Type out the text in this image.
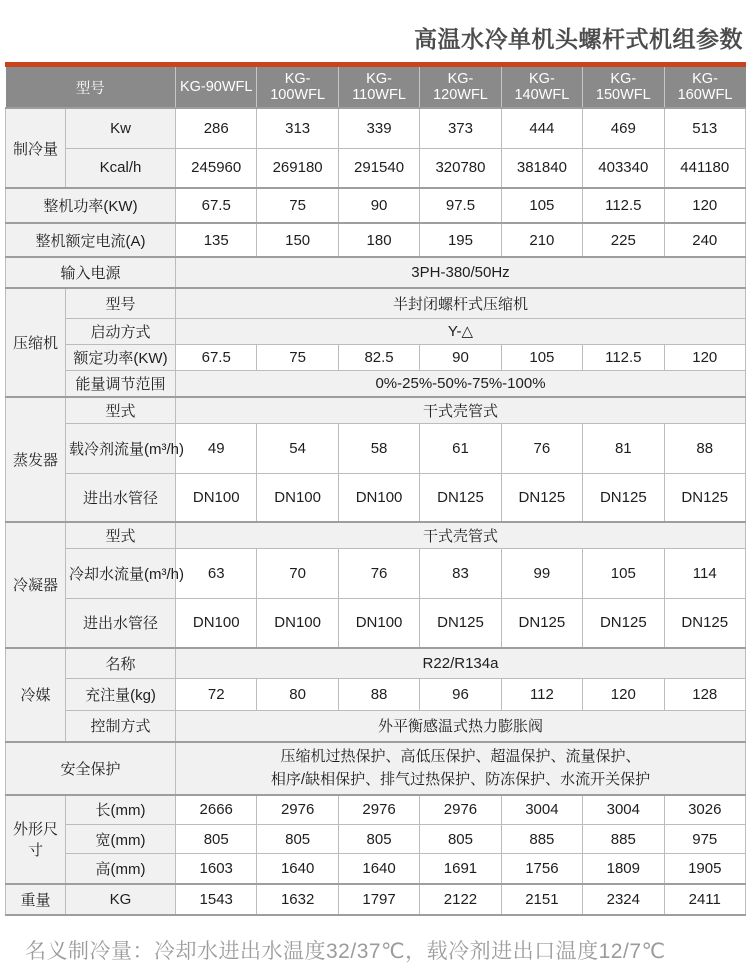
高温水冷单机头螺杆式机组参数
型号		KG-90WFL	KG-100WFL	KG-110WFL	KG-120WFL	KG-140WFL	KG-150WFL	KG-160WFL
制冷量	Kw	286	313	339	373	444	469	513
	Kcal/h	245960	269180	291540	320780	381840	403340	441180
整机功率(KW)		67.5	75	90	97.5	105	112.5	120
整机额定电流(A)		135	150	180	195	210	225	240
输入电源		3PH-380/50Hz						
压缩机	型号	半封闭螺杆式压缩机						
	启动方式	Y-△						
	额定功率(KW)	67.5	75	82.5	90	105	112.5	120
	能量调节范围	0%-25%-50%-75%-100%						
蒸发器	型式	干式壳管式						
	载冷剂流量(m³/h)	49	54	58	61	76	81	88
	进出水管径	DN100	DN100	DN100	DN125	DN125	DN125	DN125
冷凝器	型式	干式壳管式						
	冷却水流量(m³/h)	63	70	76	83	99	105	114
	进出水管径	DN100	DN100	DN100	DN125	DN125	DN125	DN125
冷媒	名称	R22/R134a						
	充注量(kg)	72	80	88	96	112	120	128
	控制方式	外平衡感温式热力膨胀阀						
安全保护		压缩机过热保护、高低压保护、超温保护、流量保护、
相序/缺相保护、排气过热保护、防冻保护、水流开关保护						

外形尺寸	长(mm)	2666	2976	2976	2976	3004	3004	3026
	宽(mm)	805	805	805	805	885	885	975
	高(mm)	1603	1640	1640	1691	1756	1809	1905
重量	KG	1543	1632	1797	2122	2151	2324	2411

名义制冷量：冷却水进出水温度32/37℃，载冷剂进出口温度12/7℃
